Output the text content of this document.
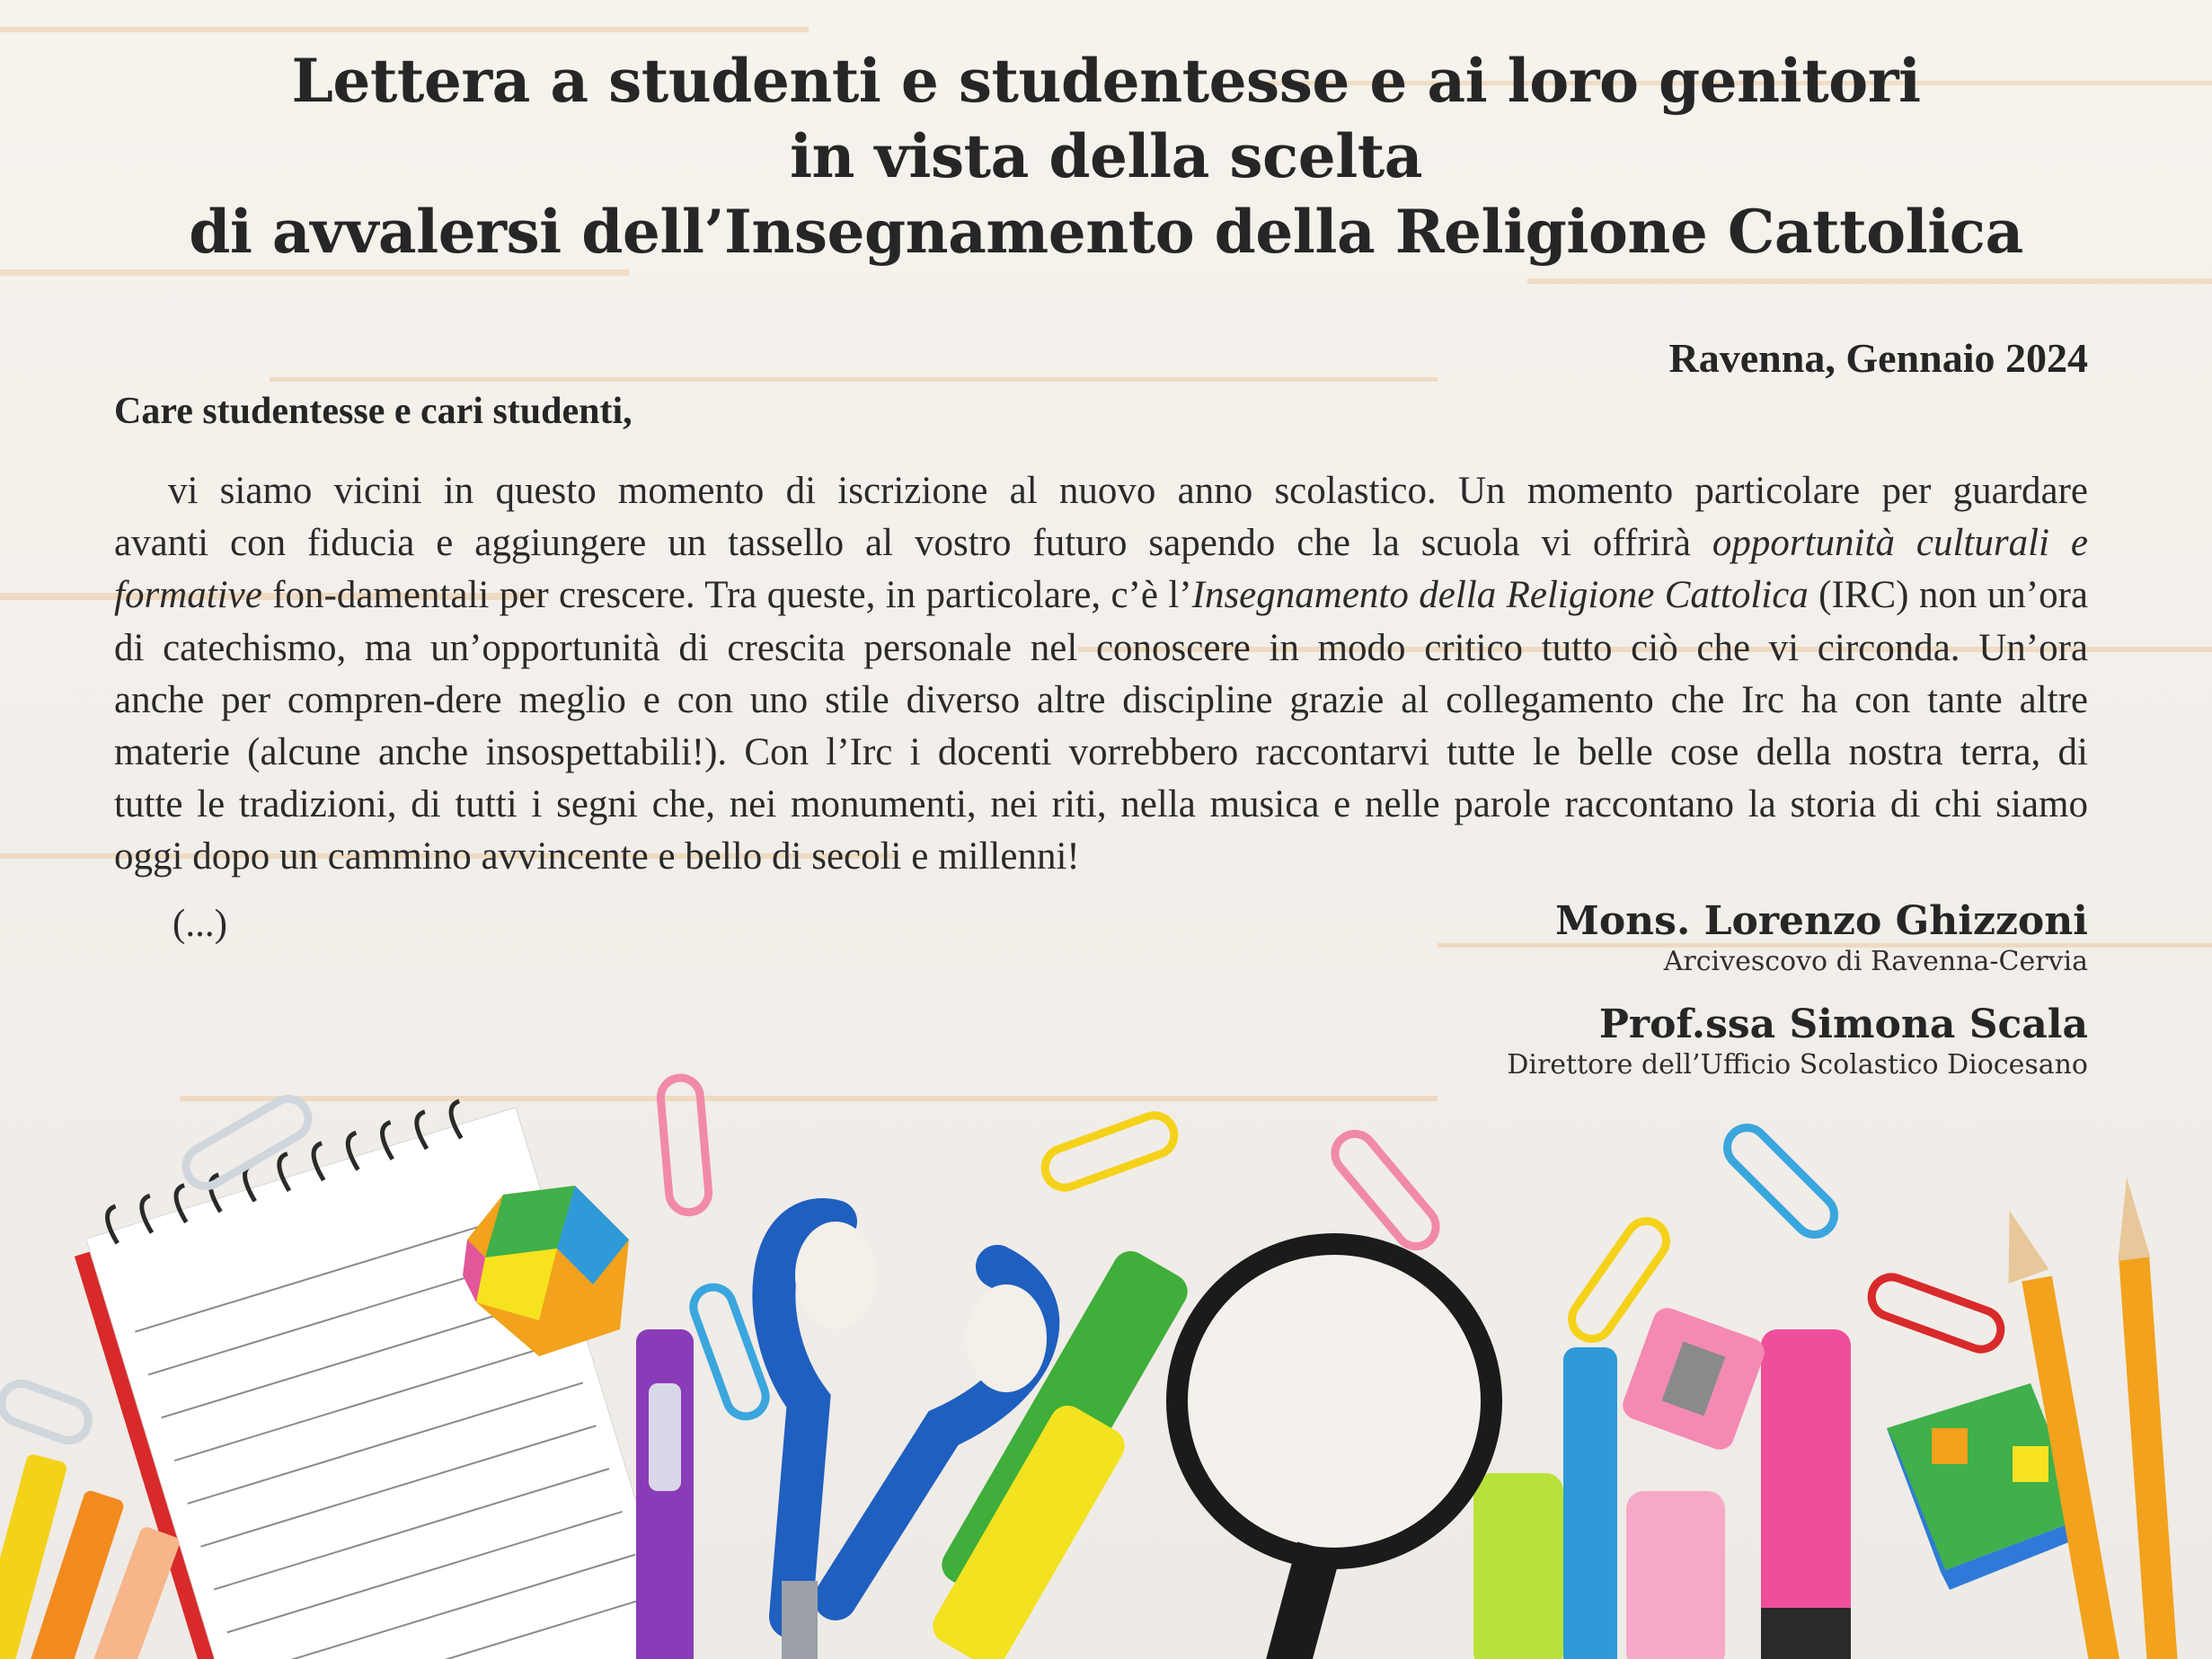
Lettera a studenti e studentesse e ai loro genitori
in vista della scelta
di avvalersi dell’Insegnamento della Religione Cattolica
Ravenna, Gennaio 2024
Care studentesse e cari studenti,
vi siamo vicini in questo momento di iscrizione al nuovo anno scolastico. Un momento particolare per guardare
avanti con fiducia e aggiungere un tassello al vostro futuro sapendo che la scuola vi offrirà opportunità culturali e
formative fon-damentali per crescere. Tra queste, in particolare, c’è l’Insegnamento della Religione Cattolica (IRC) non un’ora
di catechismo, ma un’opportunità di crescita personale nel conoscere in modo critico tutto ciò che vi circonda. Un’ora
anche per compren-dere meglio e con uno stile diverso altre discipline grazie al collegamento che Irc ha con tante altre
materie (alcune anche insospettabili!). Con l’Irc i docenti vorrebbero raccontarvi tutte le belle cose della nostra terra, di
tutte le tradizioni, di tutti i segni che, nei monumenti, nei riti, nella musica e nelle parole raccontano la storia di chi siamo
oggi dopo un cammino avvincente e bello di secoli e millenni!
(...)	Mons. Lorenzo Ghizzoni
Arcivescovo di Ravenna-Cervia
Prof.ssa Simona Scala
Direttore dell’Ufficio Scolastico Diocesano
